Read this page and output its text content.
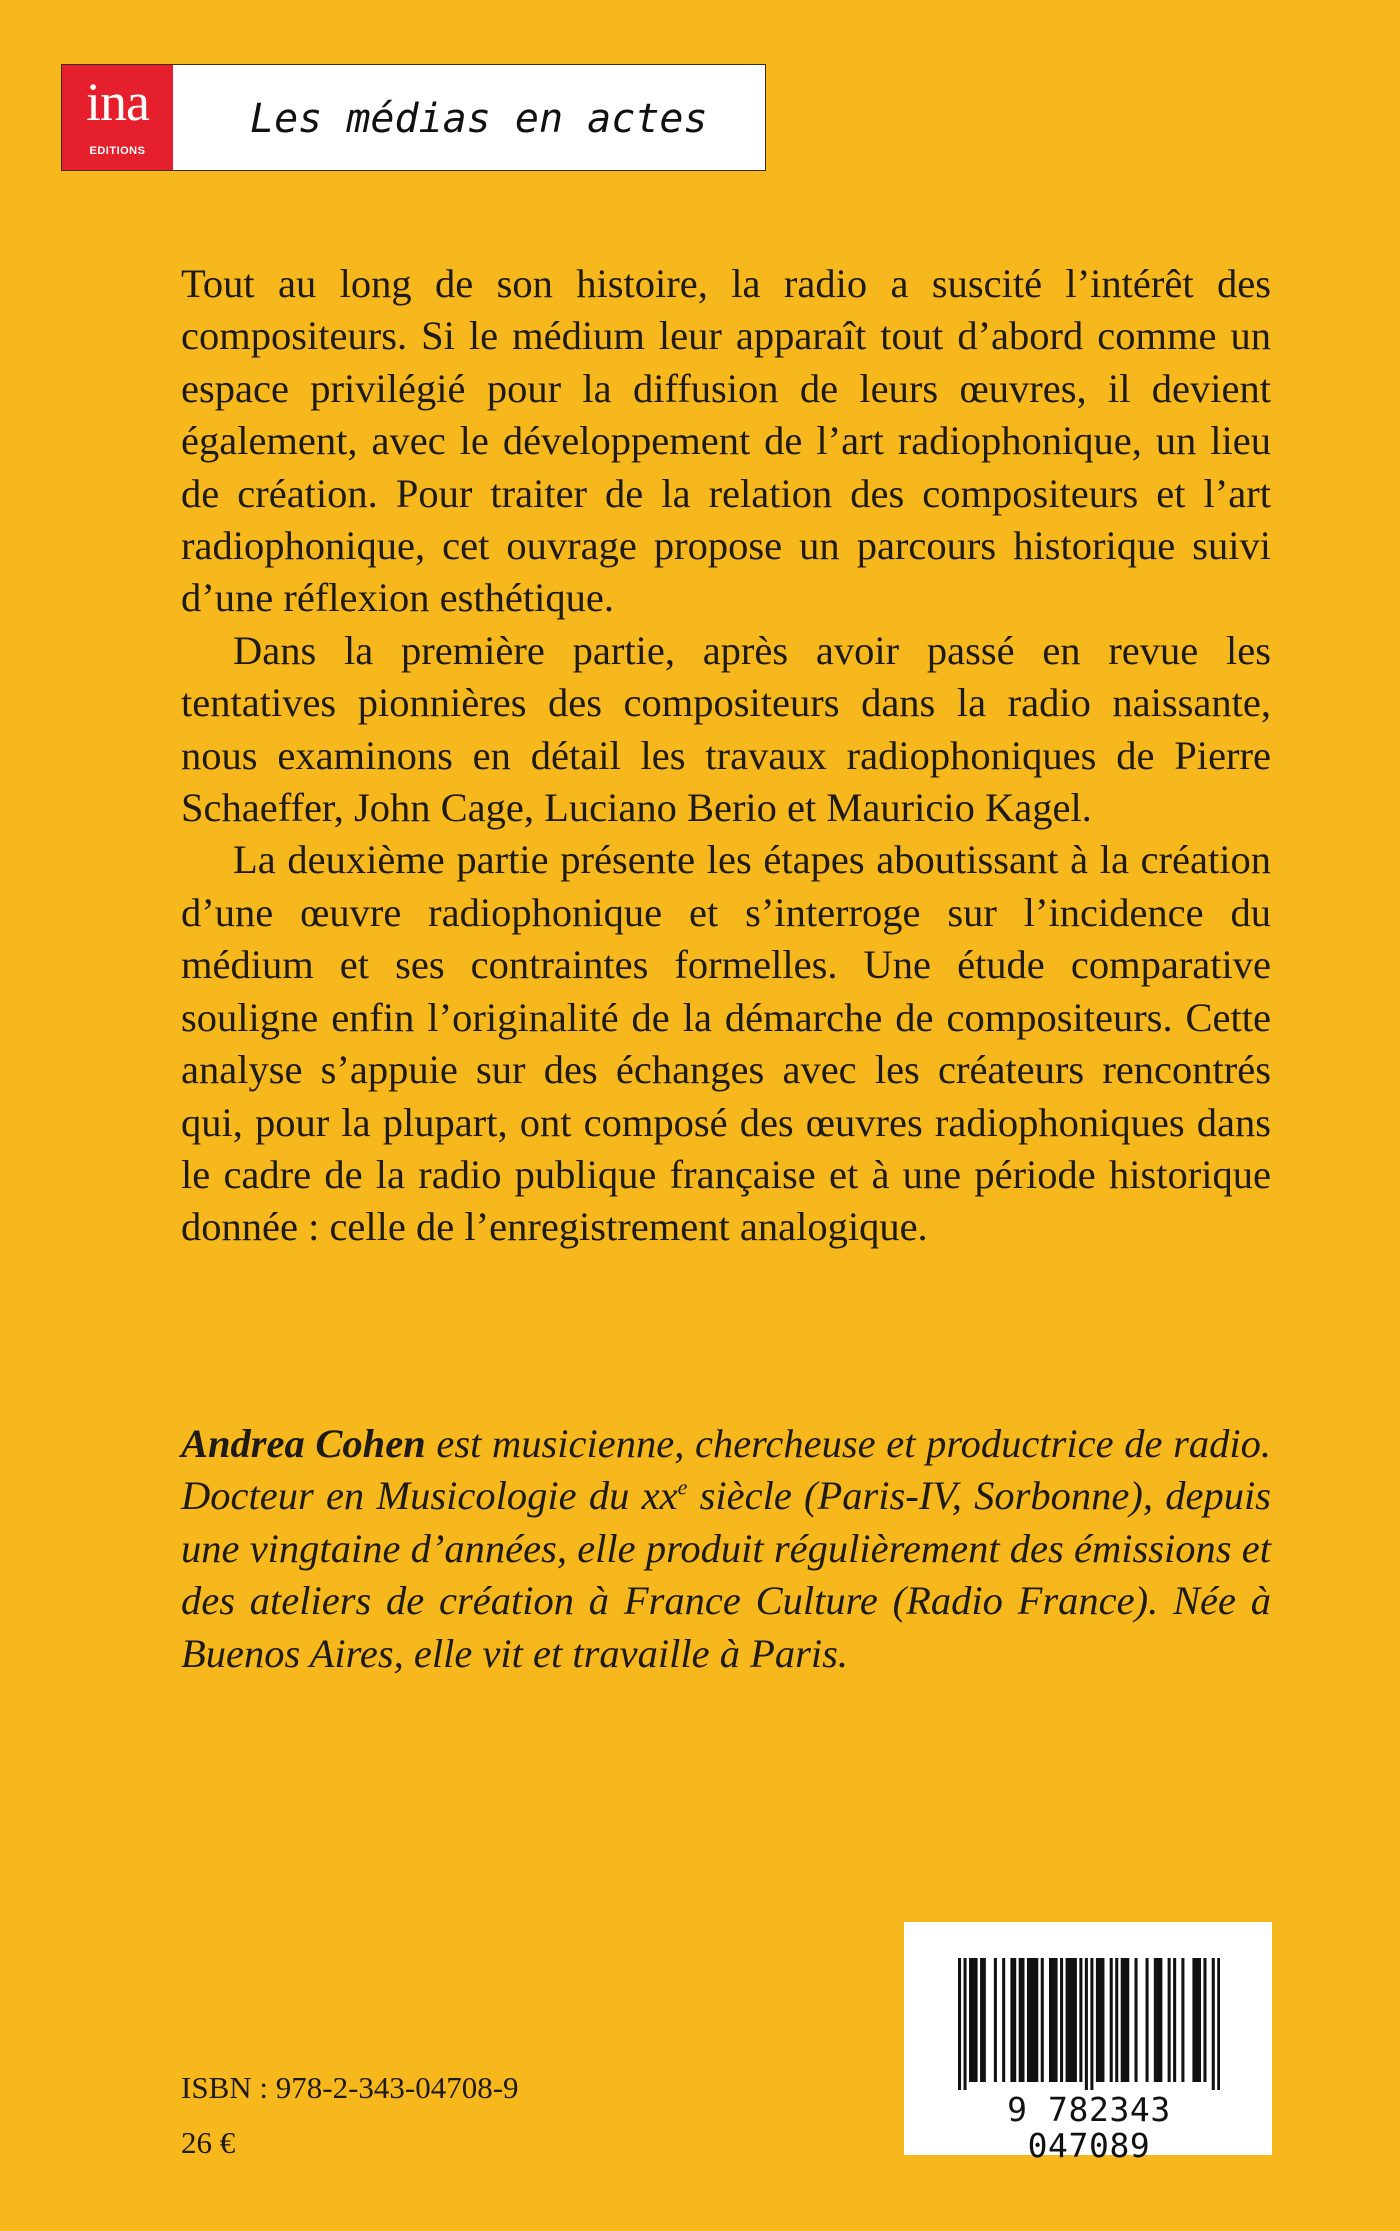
ina
EDITIONS
Les médias en actes

Tout au long de son histoire, la radio a suscité l’intérêt des compositeurs. Si le médium leur apparaît tout d’abord comme un espace privilégié pour la diffusion de leurs œuvres, il devient également, avec le développement de l’art radiophonique, un lieu de création. Pour traiter de la relation des compositeurs et l’art radiophonique, cet ouvrage propose un parcours historique suivi d’une réflexion esthétique.

Dans la première partie, après avoir passé en revue les tentatives pionnières des compositeurs dans la radio naissante, nous examinons en détail les travaux radiophoniques de Pierre Schaeffer, John Cage, Luciano Berio et Mauricio Kagel.

La deuxième partie présente les étapes aboutissant à la création d’une œuvre radiophonique et s’interroge sur l’incidence du médium et ses contraintes formelles. Une étude comparative souligne enfin l’originalité de la démarche de compositeurs. Cette analyse s’appuie sur des échanges avec les créateurs rencontrés qui, pour la plupart, ont composé des œuvres radiophoniques dans le cadre de la radio publique française et à une période historique donnée : celle de l’enregistrement analogique.

Andrea Cohen est musicienne, chercheuse et productrice de radio. Docteur en Musicologie du $xx^e$ siècle (Paris-IV, Sorbonne), depuis une vingtaine d’années, elle produit régulièrement des émissions et des ateliers de création à France Culture (Radio France). Née à Buenos Aires, elle vit et travaille à Paris.

ISBN : 978-2-343-04708-9
26 €
9 782343 047089
